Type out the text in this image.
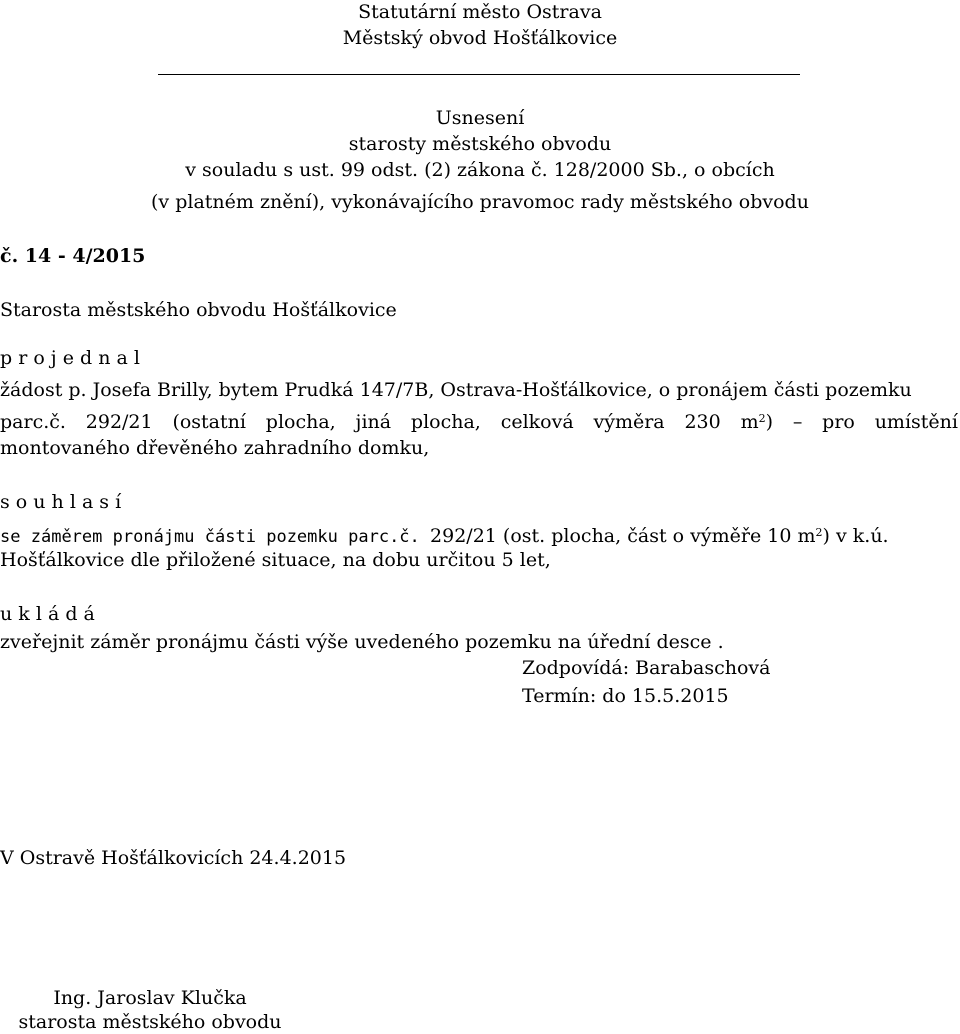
Statutární město Ostrava
Městský obvod Hošťálkovice
Usnesení
starosty městského obvodu
v souladu s ust. 99 odst. (2) zákona č. 128/2000 Sb., o obcích
(v platném znění), vykonávajícího pravomoc rady městského obvodu
č. 14 - 4/2015
Starosta městského obvodu Hošťálkovice
p r o j e d n a l
žádost p. Josefa Brilly, bytem Prudká 147/7B, Ostrava-Hošťálkovice, o pronájem části pozemku
parc.č. 292/21 (ostatní plocha, jiná plocha, celková výměra 230 $m^2$) – pro umístění
montovaného dřevěného zahradního domku,
s o u h l a s í
se záměrem pronájmu části pozemku parc.č. 292/21 (ost. plocha, část o výměře 10 $m^2$) v k.ú.
Hošťálkovice dle přiložené situace, na dobu určitou 5 let,
u k l á d á
zveřejnit záměr pronájmu části výše uvedeného pozemku na úřední desce .
Zodpovídá: Barabaschová
Termín: do 15.5.2015
V Ostravě Hošťálkovicích 24.4.2015
Ing. Jaroslav Klučka
starosta městského obvodu
